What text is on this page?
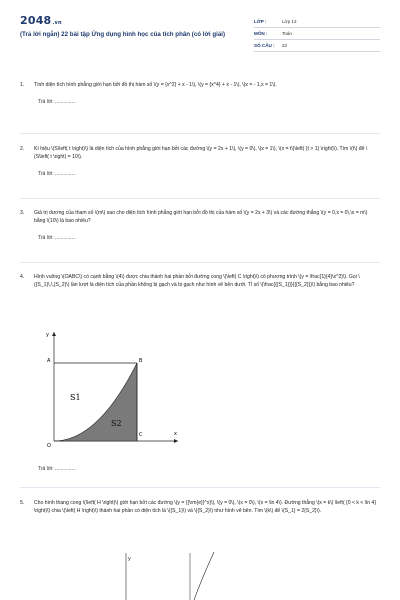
2048.vn
(Trả lời ngắn) 22 bài tập Ứng dụng hình học của tích phân (có lời giải)
LỚP :	Lớp 12
MÔN :	Toán
SỐ CÂU :	22
1.	Tính diện tích hình phẳng giới hạn bởi đồ thị hàm số \(y = {x^2} + x - 1\), \(y = {x^4} + x - 1\), \(x = - 1,x = 1\).
Trả lời: ...............
2.	Kí hiệu \(S\left( t \right)\) là diện tích của hình phẳng giới hạn bởi các đường \(y = 2x + 1\), \(y = 0\), \(x = 1\), \(x = t\)\left( {t > 1} \right)\). Tìm \(t\) để \(S\left( t \right) = 10\).
Trả lời: ...............
3.	Giá trị dương của tham số \(m\) sao cho diện tích hình phẳng giới hạn bởi đồ thị của hàm số \(y = 2x + 3\) và các đường thẳng \(y = 0,x = 0\,\x = m\) bằng \(10\) là bao nhiêu?
Trả lời: ...............
4.	Hình vuông \(OABC\) có cạnh bằng \(4\) được chia thành hai phần bởi đường cong \(\left( C \right)\) có phương trình \(y = \frac{1}{4}\x^2}\). Gọi \({S_1}\,\,{S_2}\) lần lượt là diện tích của phần không bị gạch và bị gạch như hình vẽ bên dưới. Tỉ số \(\frac{{{S_1}}}{{{S_2}}}\) bằng bao nhiêu?
y
A	B
O
C	x
S1
S2
Trả lời: ...............
5.	Cho hình thang cong \(\left( H \right)\) giới hạn bởi các đường \(y = {{\rm{e}}^x}\), \(y = 0\), \(x = 0\), \(x = \ln 4\). Đường thẳng \(x = k\) \left( {0 < k < \ln 4} \right)\) chia \(\left( H \right)\) thành hai phần có diện tích là \({S_1}\) và \({S_2}\) như hình vẽ bên. Tìm \(k\) để \(S_1} = 2{S_2}\).
y
